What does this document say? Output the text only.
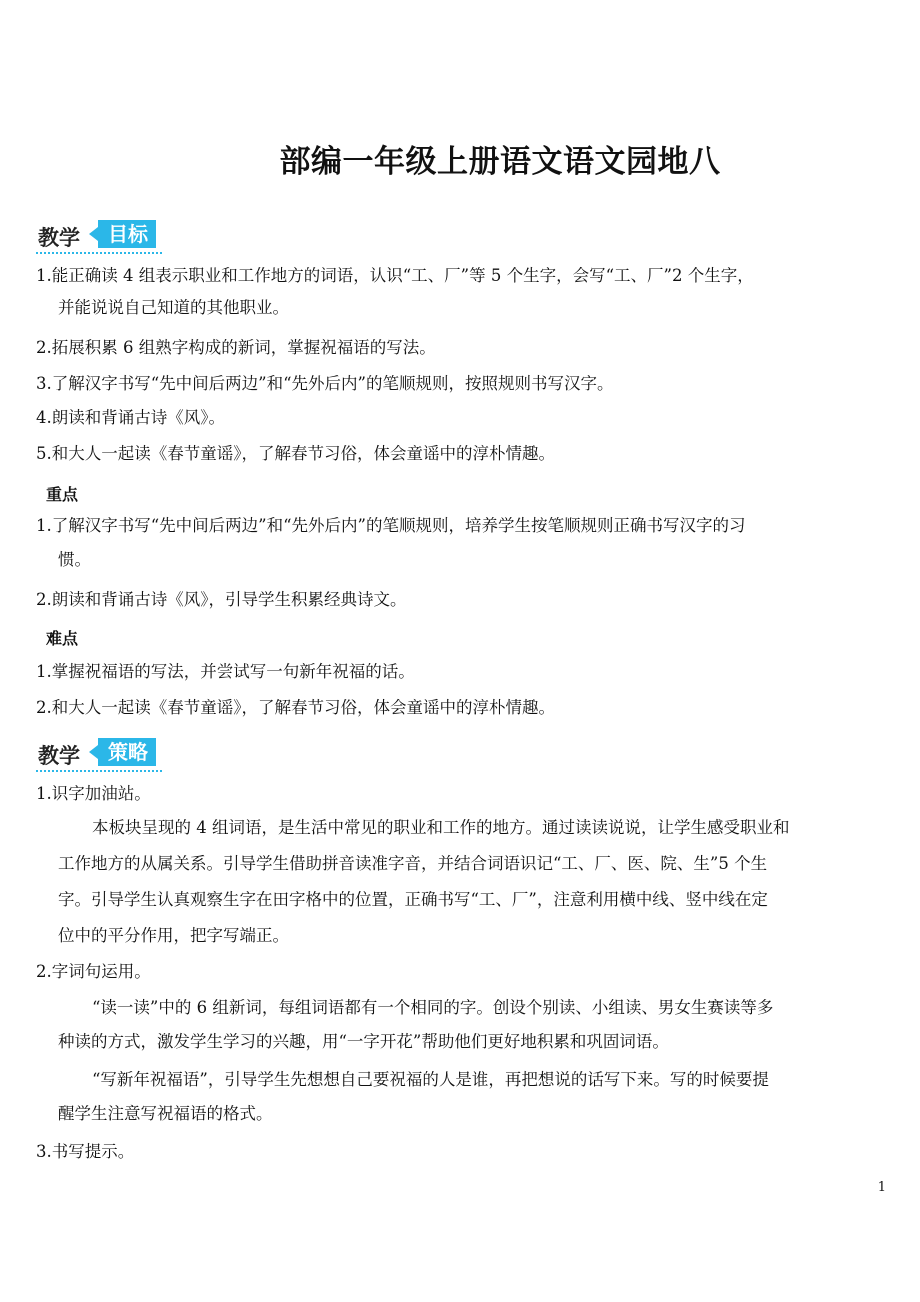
部编一年级上册语文语文园地八
教学	目标
1.能正确读 4 组表示职业和工作地方的词语，认识“工、厂”等 5 个生字，会写“工、厂”2 个生字，
并能说说自己知道的其他职业。
2.拓展积累 6 组熟字构成的新词，掌握祝福语的写法。
3.了解汉字书写“先中间后两边”和“先外后内”的笔顺规则，按照规则书写汉字。
4.朗读和背诵古诗《风》。
5.和大人一起读《春节童谣》，了解春节习俗，体会童谣中的淳朴情趣。
重点
1.了解汉字书写“先中间后两边”和“先外后内”的笔顺规则，培养学生按笔顺规则正确书写汉字的习
惯。
2.朗读和背诵古诗《风》，引导学生积累经典诗文。
难点
1.掌握祝福语的写法，并尝试写一句新年祝福的话。
2.和大人一起读《春节童谣》，了解春节习俗，体会童谣中的淳朴情趣。
教学	策略
1.识字加油站。
本板块呈现的 4 组词语，是生活中常见的职业和工作的地方。通过读读说说，让学生感受职业和
工作地方的从属关系。引导学生借助拼音读准字音，并结合词语识记“工、厂、医、院、生”5 个生
字。引导学生认真观察生字在田字格中的位置，正确书写“工、厂”，注意利用横中线、竖中线在定
位中的平分作用，把字写端正。
2.字词句运用。
“读一读”中的 6 组新词，每组词语都有一个相同的字。创设个别读、小组读、男女生赛读等多
种读的方式，激发学生学习的兴趣，用“一字开花”帮助他们更好地积累和巩固词语。
“写新年祝福语”，引导学生先想想自己要祝福的人是谁，再把想说的话写下来。写的时候要提
醒学生注意写祝福语的格式。
3.书写提示。
1
